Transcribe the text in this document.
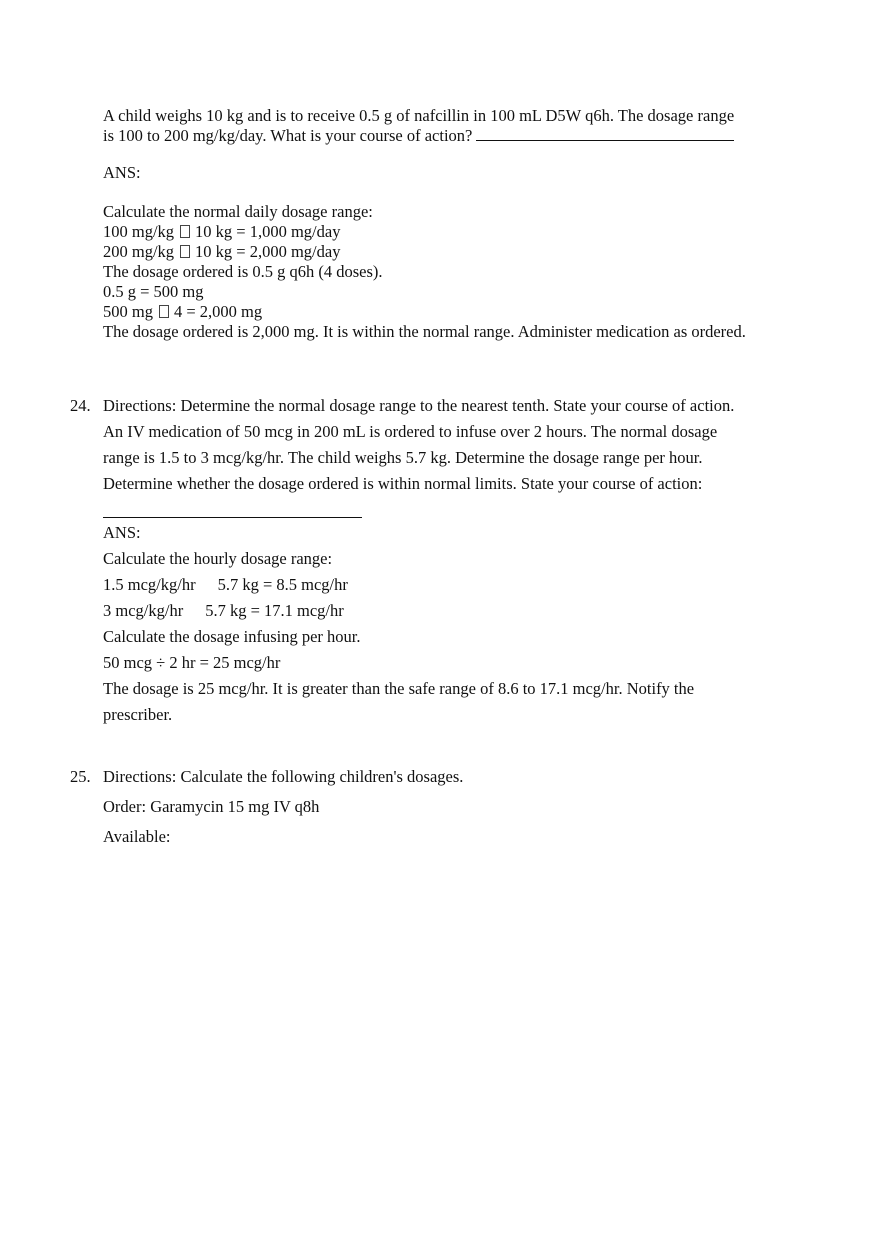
A child weighs 10 kg and is to receive 0.5 g of nafcillin in 100 mL D5W q6h. The dosage range
is 100 to 200 mg/kg/day. What is your course of action?
ANS:
Calculate the normal daily dosage range:
100 mg/kg 10 kg = 1,000 mg/day
200 mg/kg 10 kg = 2,000 mg/day
The dosage ordered is 0.5 g q6h (4 doses).
0.5 g = 500 mg
500 mg 4 = 2,000 mg
The dosage ordered is 2,000 mg. It is within the normal range. Administer medication as ordered.
24. Directions: Determine the normal dosage range to the nearest tenth. State your course of action.
An IV medication of 50 mcg in 200 mL is ordered to infuse over 2 hours. The normal dosage
range is 1.5 to 3 mcg/kg/hr. The child weighs 5.7 kg. Determine the dosage range per hour.
Determine whether the dosage ordered is within normal limits. State your course of action:
ANS:
Calculate the hourly dosage range:
1.5 mcg/kg/hr 5.7 kg = 8.5 mcg/hr
3 mcg/kg/hr 5.7 kg = 17.1 mcg/hr
Calculate the dosage infusing per hour.
50 mcg ÷ 2 hr = 25 mcg/hr
The dosage is 25 mcg/hr. It is greater than the safe range of 8.6 to 17.1 mcg/hr. Notify the
prescriber.
25. Directions: Calculate the following children's dosages.
Order: Garamycin 15 mg IV q8h
Available:
